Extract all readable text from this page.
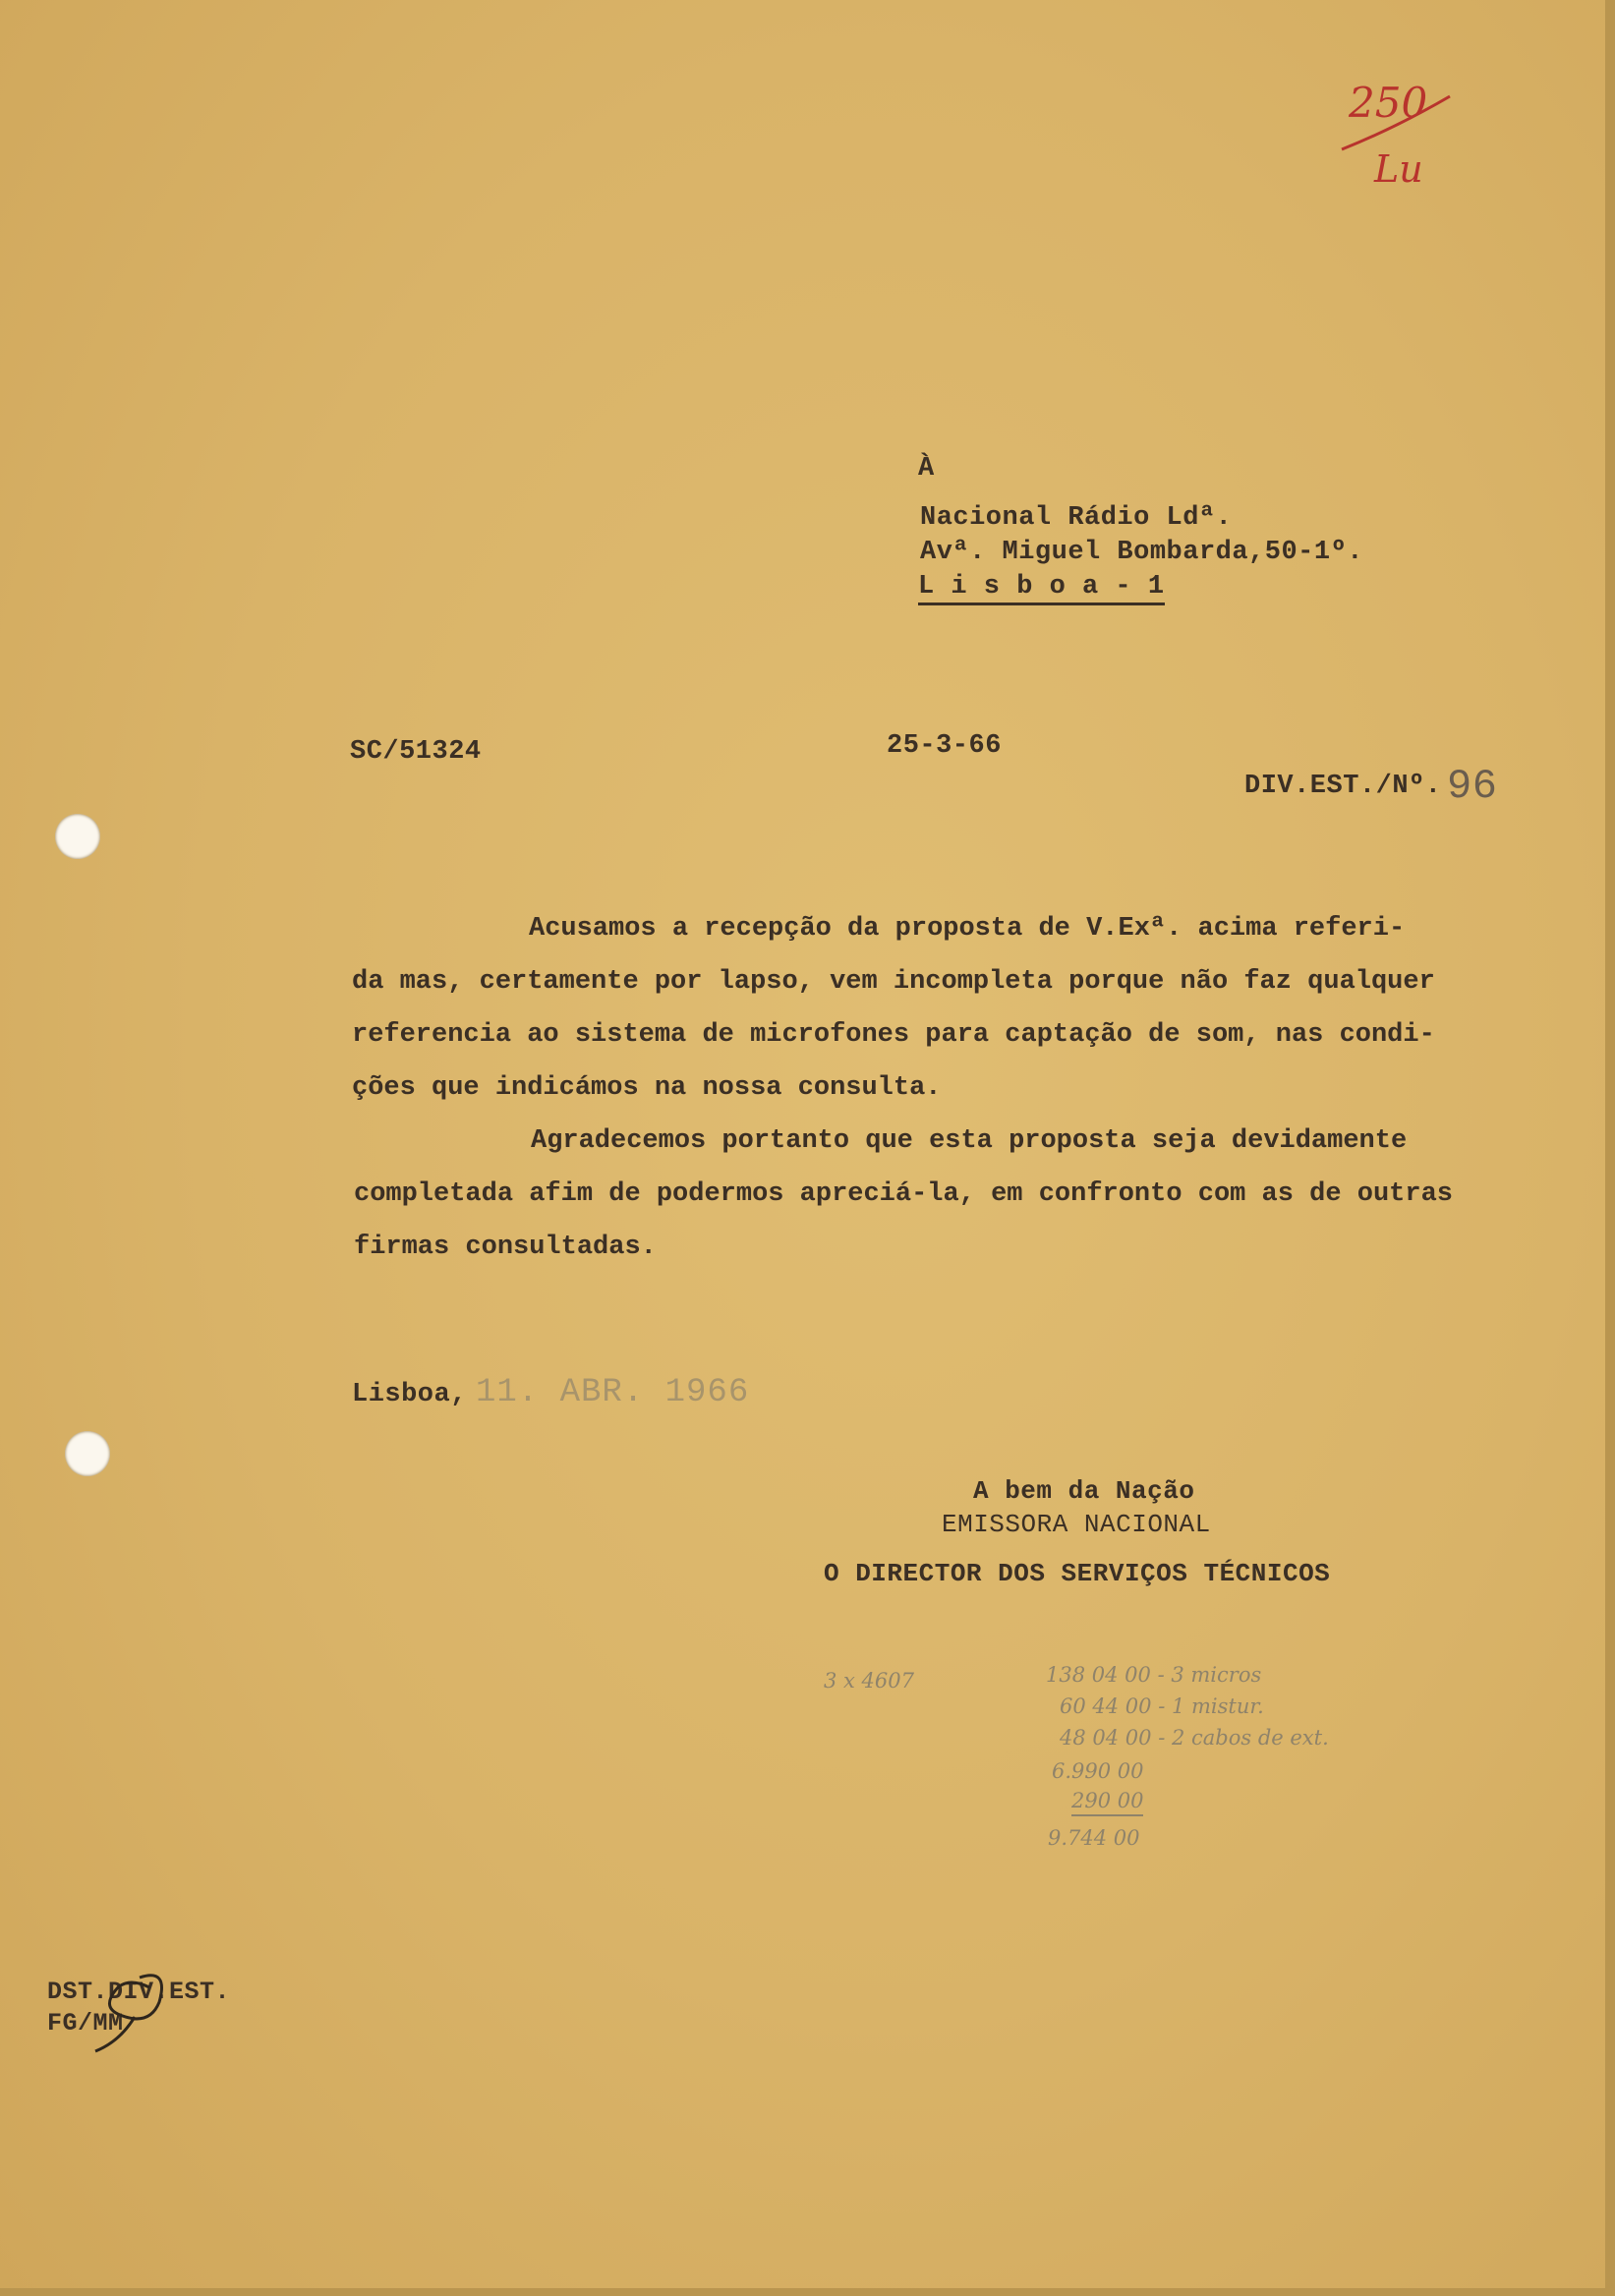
250
Lu
À
Nacional Rádio Ldª.
Avª. Miguel Bombarda,50-1º.
L i s b o a - 1
SC/51324	25-3-66
DIV.EST./Nº. 96
Acusamos a recepção da proposta de V.Exª. acima referi-
da mas, certamente por lapso, vem incompleta porque não faz qualquer
referencia ao sistema de microfones para captação de som, nas condi-
ções que indicámos na nossa consulta.
Agradecemos portanto que esta proposta seja devidamente
completada afim de podermos apreciá-la, em confronto com as de outras
firmas consultadas.
Lisboa, 11. ABR. 1966
A bem da Nação
EMISSORA NACIONAL
O DIRECTOR DOS SERVIÇOS TÉCNICOS
3 x 4607	138 04 00 - 3 micros
60 44 00 - 1 mistur.
48 04 00 - 2 cabos de ext.
6.990 00
290 00
9.744 00
DST.DIV.EST.
FG/MM
